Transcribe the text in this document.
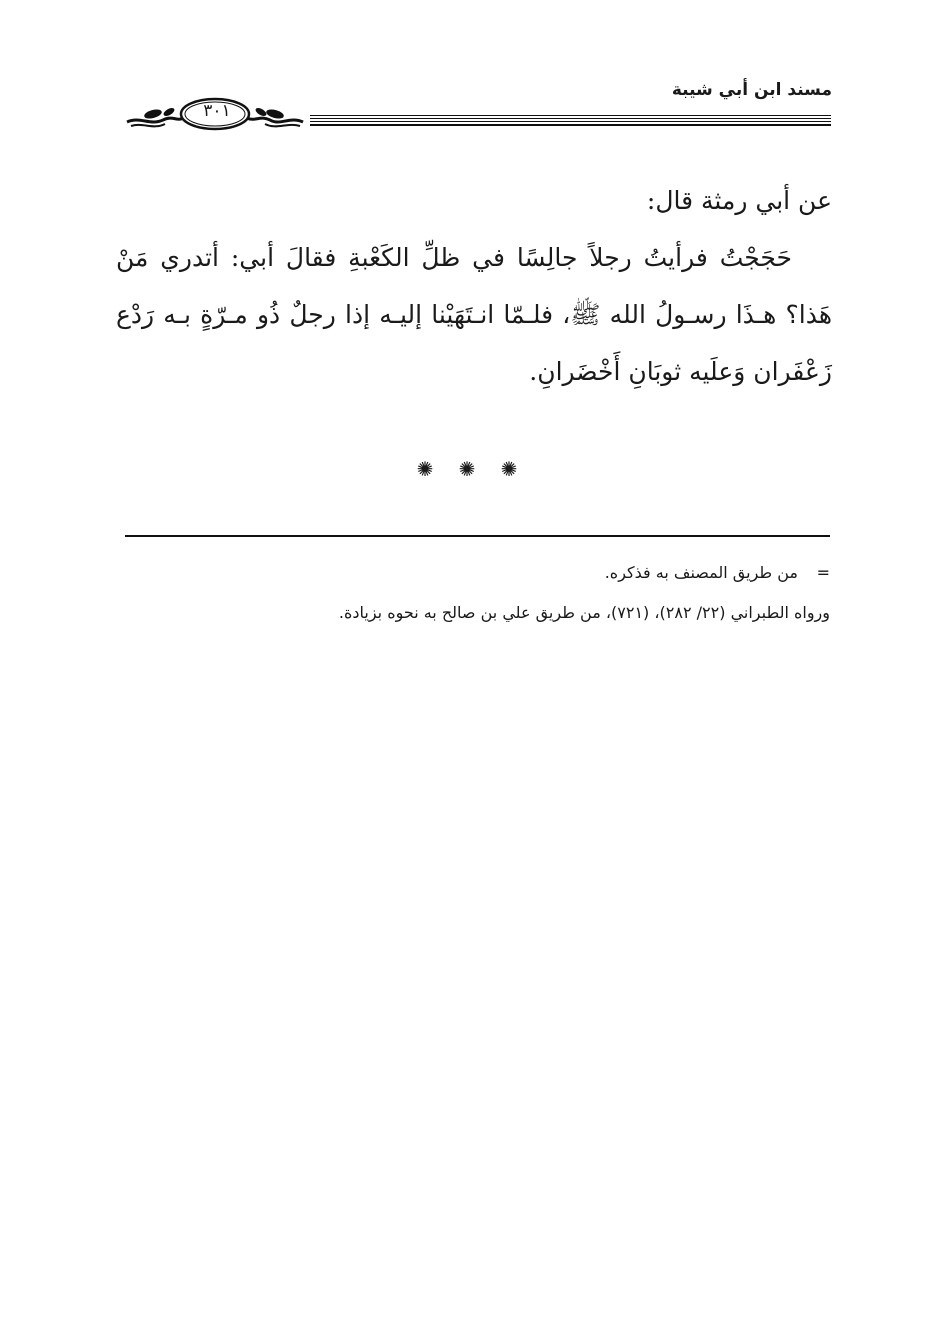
مسند ابن أبي شيبة
٣٠١

عن أبي رمثة قال:

حَجَجْتُ فرأيتُ رجلاً جالِسًا في ظلِّ الكَعْبةِ فقالَ أبي: أتدري مَنْ هَذا؟ هـذَا رسـولُ الله ﷺ، فلـمّا انـتَهَيْنا إليـه إذا رجلٌ ذُو مـرّةٍ بـه رَدْع زَعْفَران وَعلَيه ثوبَانِ أَخْضَرانِ.

✺ ✺ ✺

=من طريق المصنف به فذكره.

ورواه الطبراني (٢٢/ ٢٨٢)، (٧٢١)، من طريق علي بن صالح به نحوه بزيادة.
